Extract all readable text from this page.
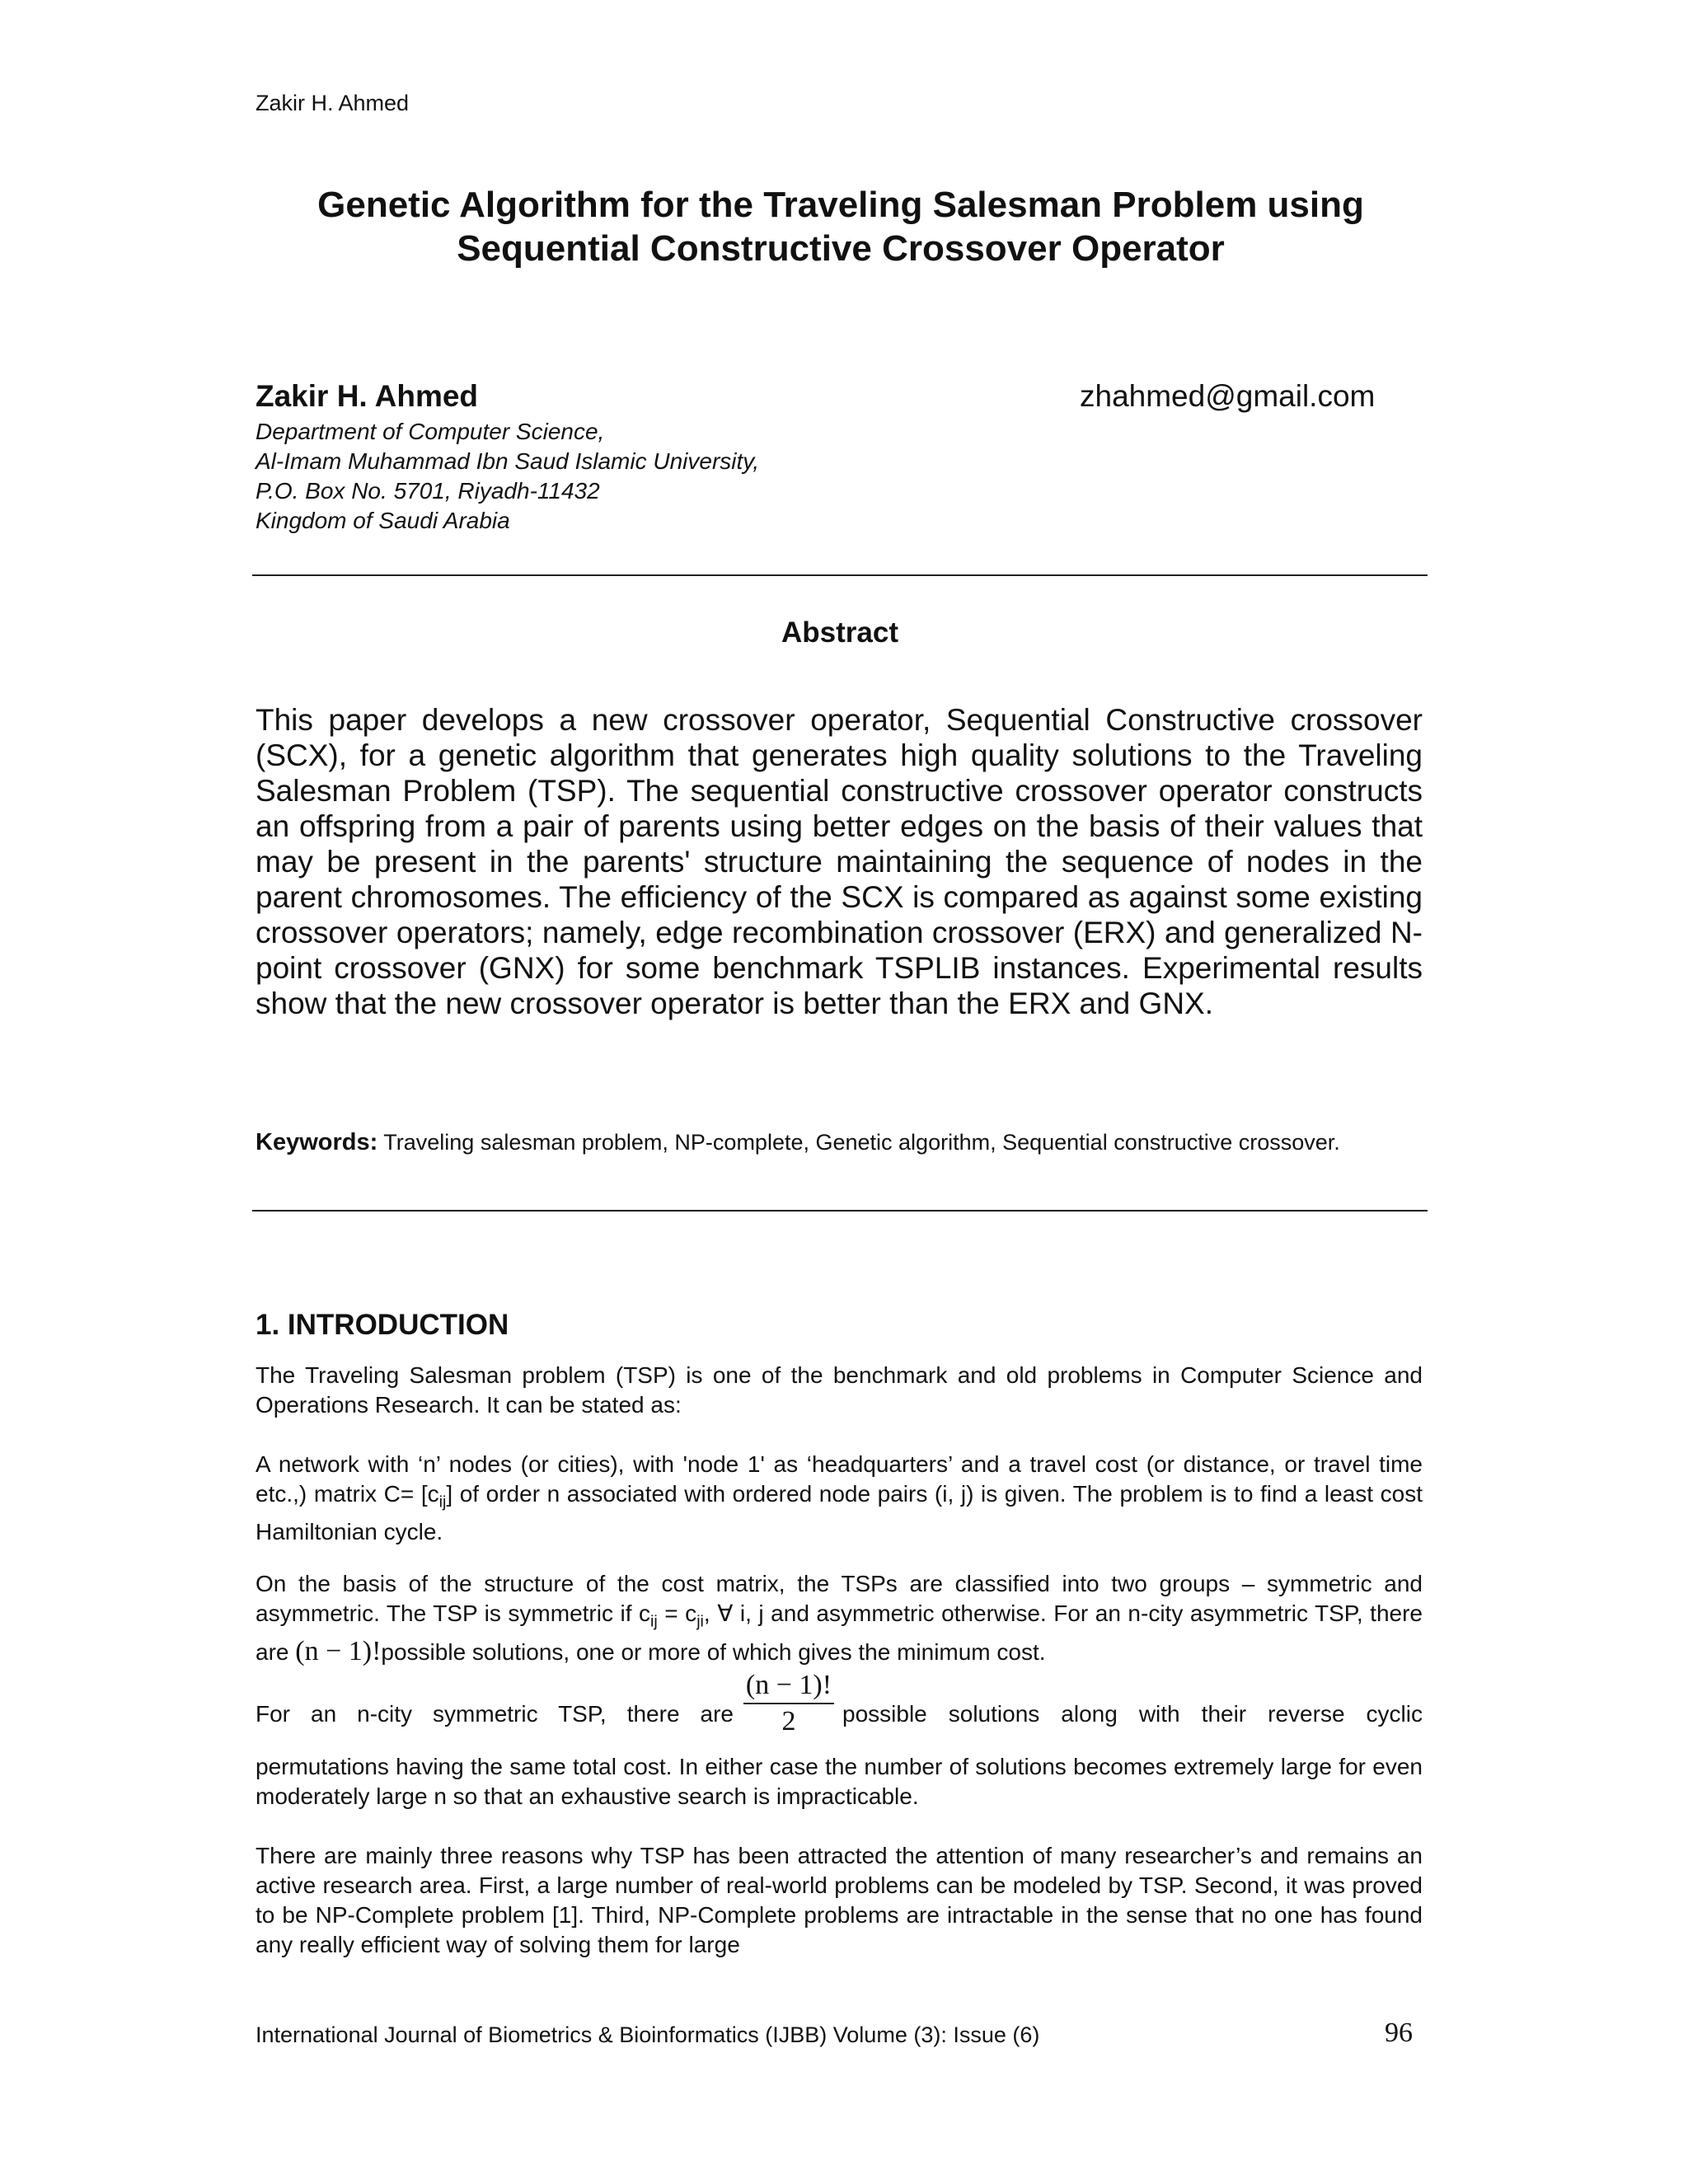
Zakir H. Ahmed
Genetic Algorithm for the Traveling Salesman Problem using
Sequential Constructive Crossover Operator
Zakir H. Ahmed	zhahmed@gmail.com
Department of Computer Science,
Al-Imam Muhammad Ibn Saud Islamic University,
P.O. Box No. 5701, Riyadh-11432
Kingdom of Saudi Arabia
Abstract
This paper develops a new crossover operator, Sequential Constructive crossover (SCX), for a genetic algorithm that generates high quality solutions to the Traveling Salesman Problem (TSP). The sequential constructive crossover operator constructs an offspring from a pair of parents using better edges on the basis of their values that may be present in the parents' structure maintaining the sequence of nodes in the parent chromosomes. The efficiency of the SCX is compared as against some existing crossover operators; namely, edge recombination crossover (ERX) and generalized N-point crossover (GNX) for some benchmark TSPLIB instances. Experimental results show that the new crossover operator is better than the ERX and GNX.
Keywords: Traveling salesman problem, NP-complete, Genetic algorithm, Sequential constructive crossover.
1. INTRODUCTION
The Traveling Salesman problem (TSP) is one of the benchmark and old problems in Computer Science and Operations Research. It can be stated as:
A network with ‘n’ nodes (or cities), with 'node 1' as ‘headquarters’ and a travel cost (or distance, or travel time etc.,) matrix $C= [c_{ij}]$ of order n associated with ordered node pairs (i, j) is given. The problem is to find a least cost Hamiltonian cycle.
On the basis of the structure of the cost matrix, the TSPs are classified into two groups – symmetric and asymmetric. The TSP is symmetric if $c_{ij} = c_{ji}$, ∀ i, j and asymmetric otherwise. For an n-city asymmetric TSP, there are (n − 1)!possible solutions, one or more of which gives the minimum cost.
For an n-city symmetric TSP, there are $\frac{(n - 1)!}{2}$ possible solutions along with their reverse cyclic
permutations having the same total cost. In either case the number of solutions becomes extremely large for even moderately large n so that an exhaustive search is impracticable.
There are mainly three reasons why TSP has been attracted the attention of many researcher’s and remains an active research area. First, a large number of real-world problems can be modeled by TSP. Second, it was proved to be NP-Complete problem [1]. Third, NP-Complete problems are intractable in the sense that no one has found any really efficient way of solving them for large
International Journal of Biometrics & Bioinformatics (IJBB) Volume (3): Issue (6)	96
